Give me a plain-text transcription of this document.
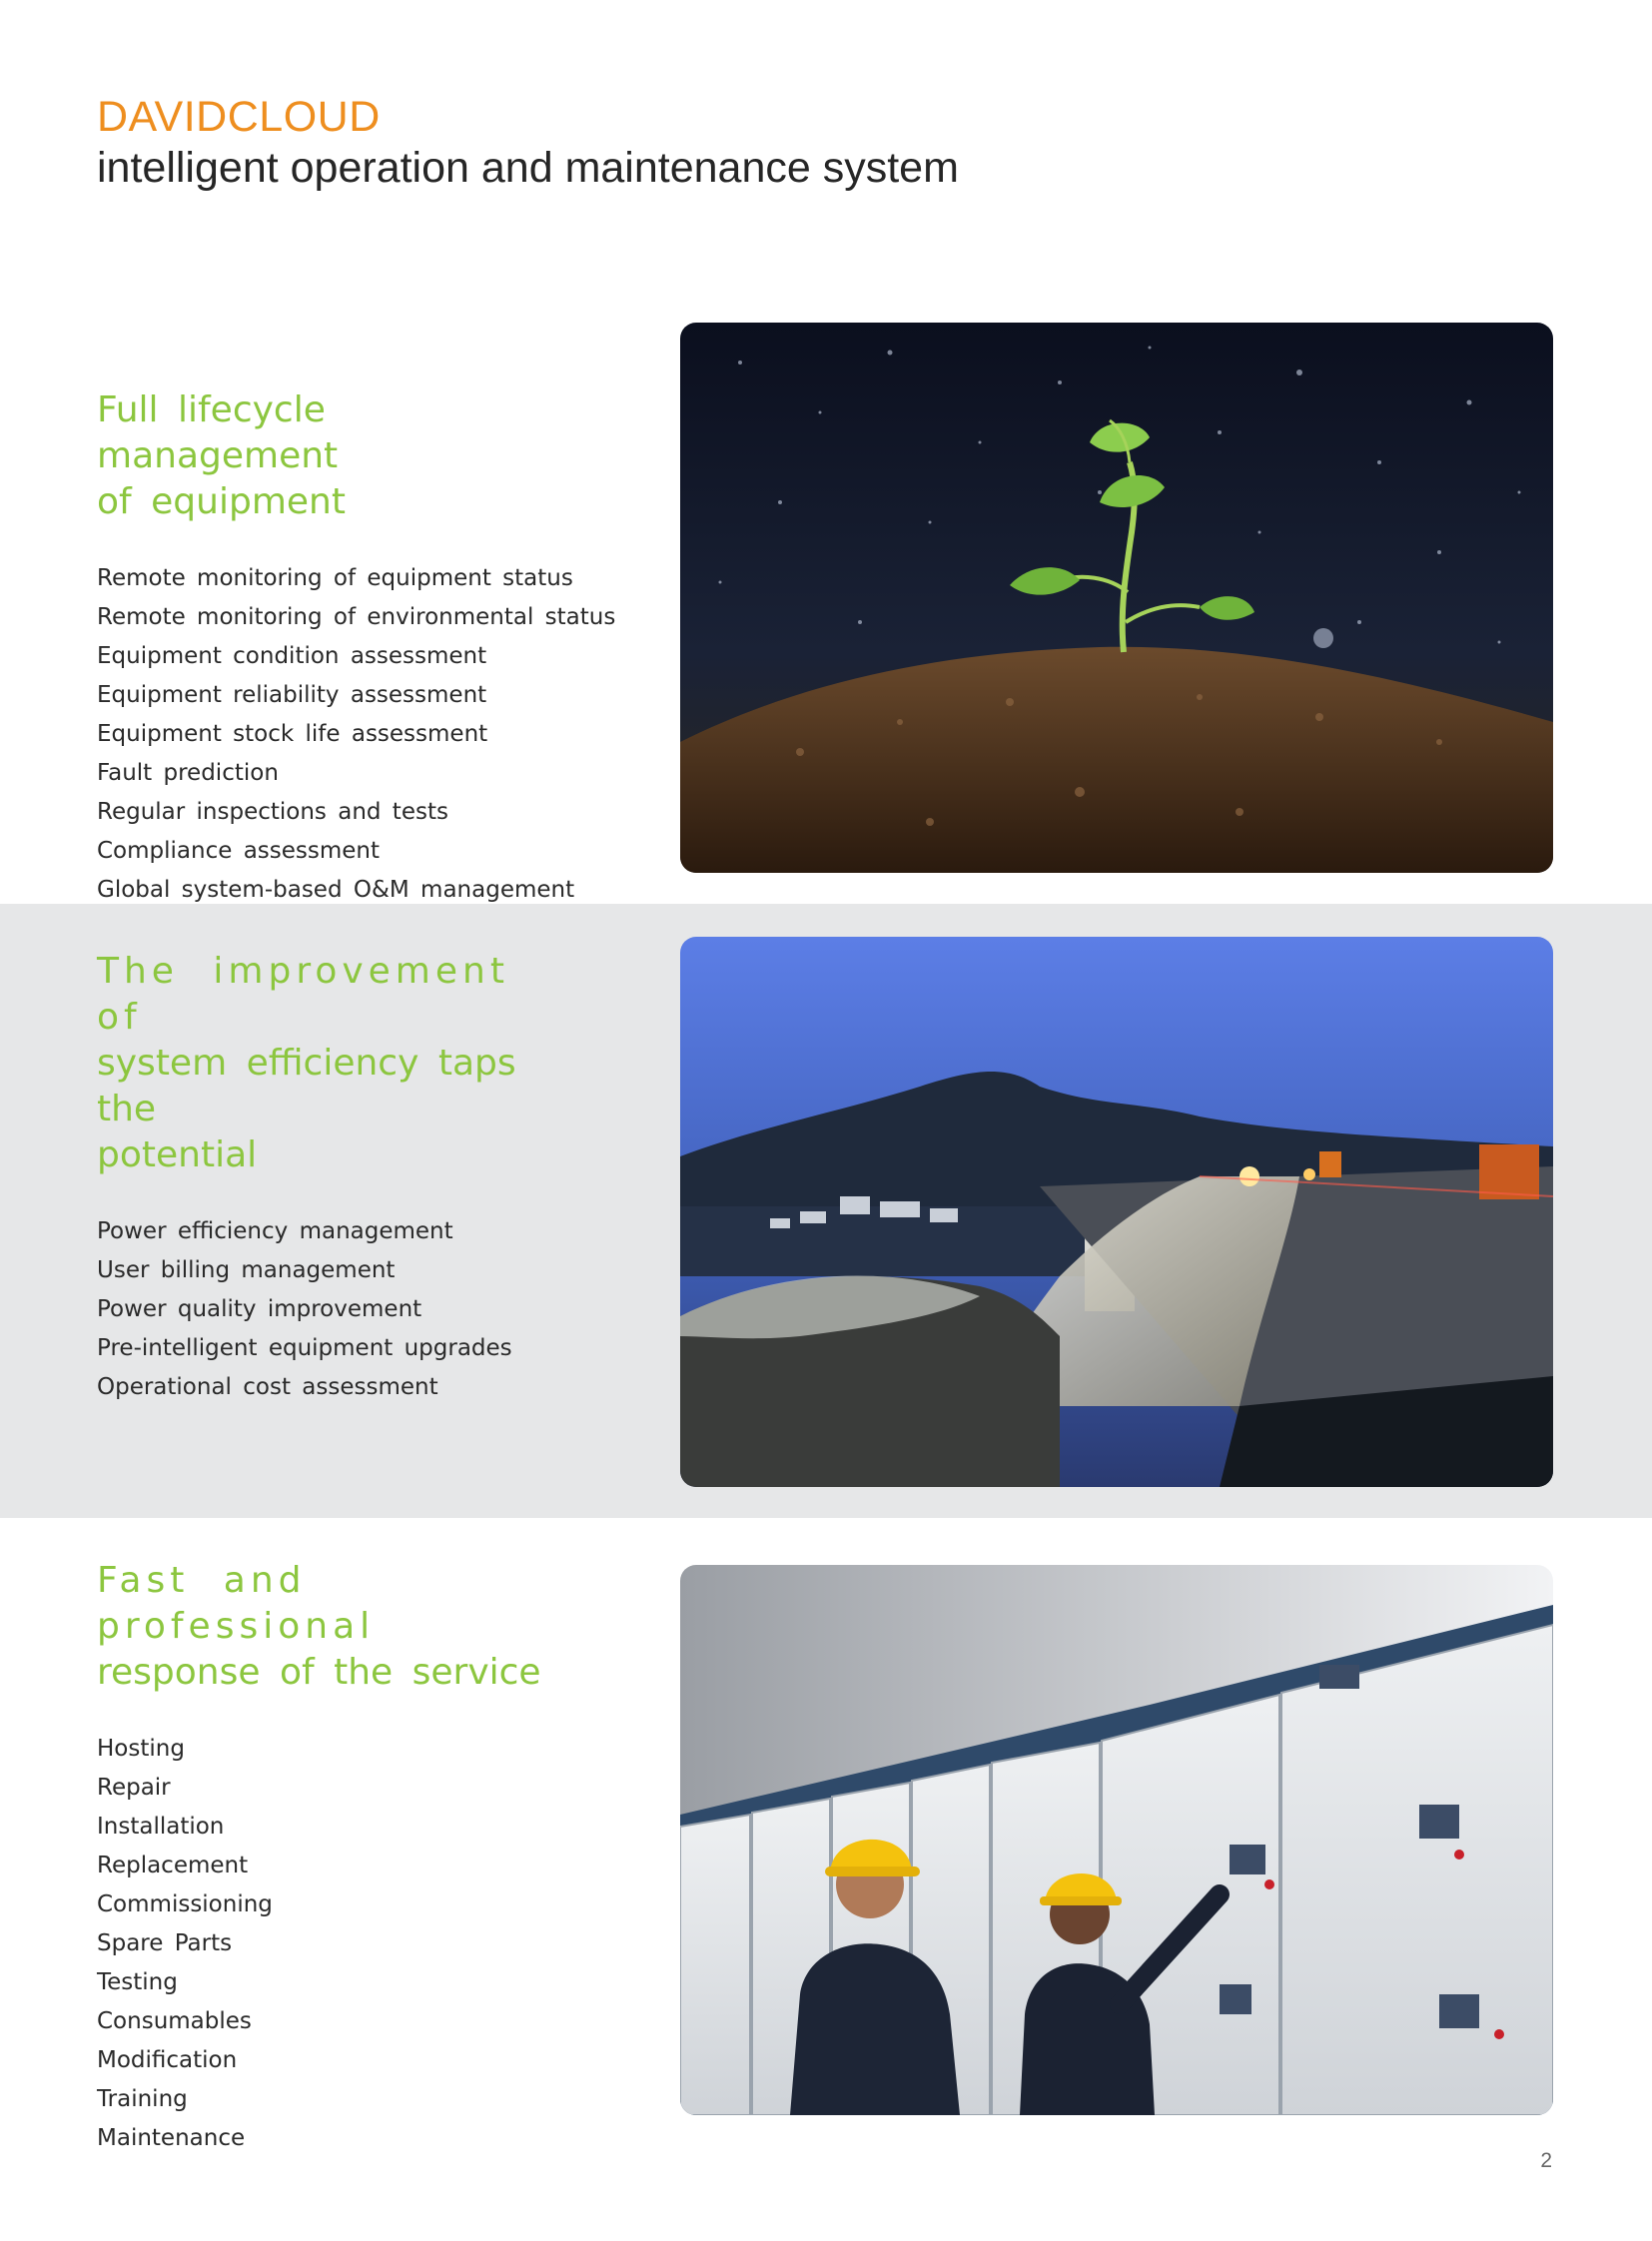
DAVIDCLOUD
intelligent operation and maintenance system
Full lifecycle management
of equipment
Remote monitoring of equipment status
Remote monitoring of environmental status
Equipment condition assessment
Equipment reliability assessment
Equipment stock life assessment
Fault prediction
Regular inspections and tests
Compliance assessment
Global system-based O&M management
The improvement of
system efficiency taps the
potential
Power efficiency management
User billing management
Power quality improvement
Pre-intelligent equipment upgrades
Operational cost assessment
Fast and professional
response of the service
Hosting
Repair
Installation
Replacement
Commissioning
Spare Parts
Testing
Consumables
Modification
Training
Maintenance
2
